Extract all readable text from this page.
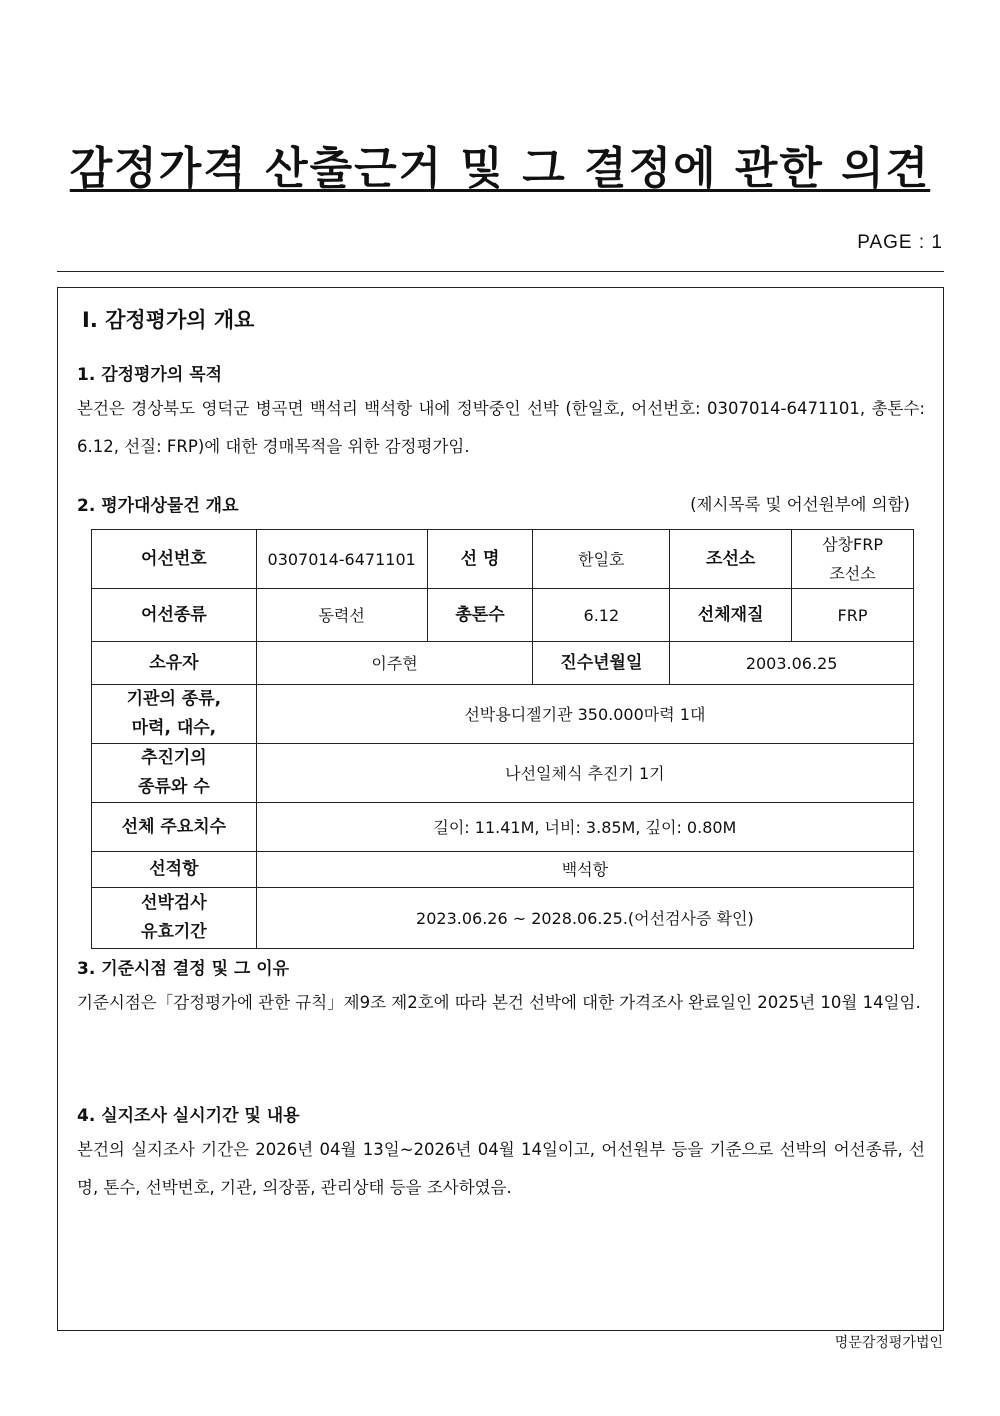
감정가격 산출근거 및 그 결정에 관한 의견
PAGE : 1
Ⅰ. 감정평가의 개요
1. 감정평가의 목적
본건은 경상북도 영덕군 병곡면 백석리 백석항 내에 정박중인 선박 (한일호, 어선번호: 0307014-6471101, 총톤수: 6.12, 선질: FRP)에 대한 경매목적을 위한 감정평가임.
2. 평가대상물건 개요	(제시목록 및 어선원부에 의함)
어선번호	0307014-6471101	선 명	한일호	조선소	삼창FRP
조선소

어선종류	동력선	총톤수	6.12	선체재질	FRP
소유자	이주현		진수년월일	2003.06.25	

기관의 종류,
마력, 대수,	선박용디젤기관 350.000마력 1대				

추진기의
종류와 수	나선일체식 추진기 1기				
선체 주요치수	길이: 11.41M, 너비: 3.85M, 깊이: 0.80M				
선적항	백석항				

선박검사
유효기간	2023.06.26 ~ 2028.06.25.(어선검사증 확인)				
3. 기준시점 결정 및 그 이유
기준시점은「감정평가에 관한 규칙」제9조 제2호에 따라 본건 선박에 대한 가격조사 완료일인 2025년 10월 14일임.
4. 실지조사 실시기간 및 내용
본건의 실지조사 기간은 2026년 04월 13일~2026년 04월 14일이고, 어선원부 등을 기준으로 선박의 어선종류, 선명, 톤수, 선박번호, 기관, 의장품, 관리상태 등을 조사하였음.
명문감정평가법인
